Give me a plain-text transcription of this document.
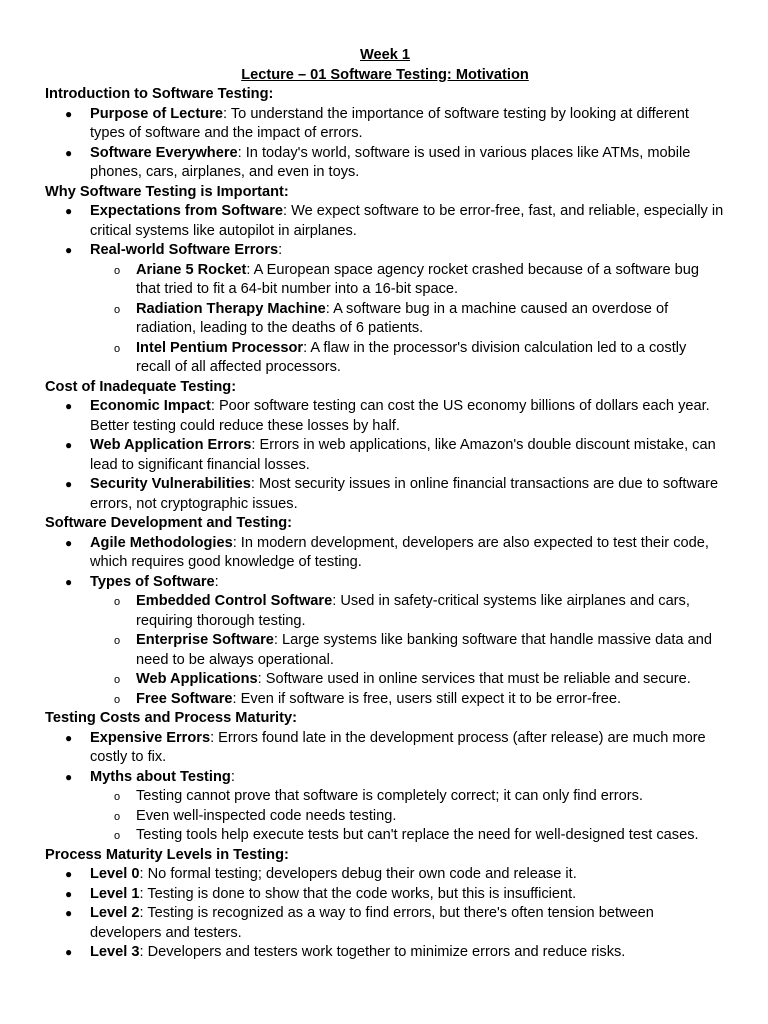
Week 1

Lecture – 01 Software Testing: Motivation

Introduction to Software Testing:

● Purpose of Lecture: To understand the importance of software testing by looking at different types of software and the impact of errors.
● Software Everywhere: In today's world, software is used in various places like ATMs, mobile phones, cars, airplanes, and even in toys.

Why Software Testing is Important:

● Expectations from Software: We expect software to be error-free, fast, and reliable, especially in critical systems like autopilot in airplanes.
● Real-world Software Errors:
o Ariane 5 Rocket: A European space agency rocket crashed because of a software bug that tried to fit a 64-bit number into a 16-bit space.
o Radiation Therapy Machine: A software bug in a machine caused an overdose of radiation, leading to the deaths of 6 patients.
o Intel Pentium Processor: A flaw in the processor's division calculation led to a costly recall of all affected processors.

Cost of Inadequate Testing:

● Economic Impact: Poor software testing can cost the US economy billions of dollars each year. Better testing could reduce these losses by half.
● Web Application Errors: Errors in web applications, like Amazon's double discount mistake, can lead to significant financial losses.
● Security Vulnerabilities: Most security issues in online financial transactions are due to software errors, not cryptographic issues.

Software Development and Testing:

● Agile Methodologies: In modern development, developers are also expected to test their code, which requires good knowledge of testing.
● Types of Software:
o Embedded Control Software: Used in safety-critical systems like airplanes and cars, requiring thorough testing.
o Enterprise Software: Large systems like banking software that handle massive data and need to be always operational.
o Web Applications: Software used in online services that must be reliable and secure.
o Free Software: Even if software is free, users still expect it to be error-free.

Testing Costs and Process Maturity:

● Expensive Errors: Errors found late in the development process (after release) are much more costly to fix.
● Myths about Testing:
o Testing cannot prove that software is completely correct; it can only find errors.
o Even well-inspected code needs testing.
o Testing tools help execute tests but can't replace the need for well-designed test cases.

Process Maturity Levels in Testing:

● Level 0: No formal testing; developers debug their own code and release it.
● Level 1: Testing is done to show that the code works, but this is insufficient.
● Level 2: Testing is recognized as a way to find errors, but there's often tension between developers and testers.
● Level 3: Developers and testers work together to minimize errors and reduce risks.
